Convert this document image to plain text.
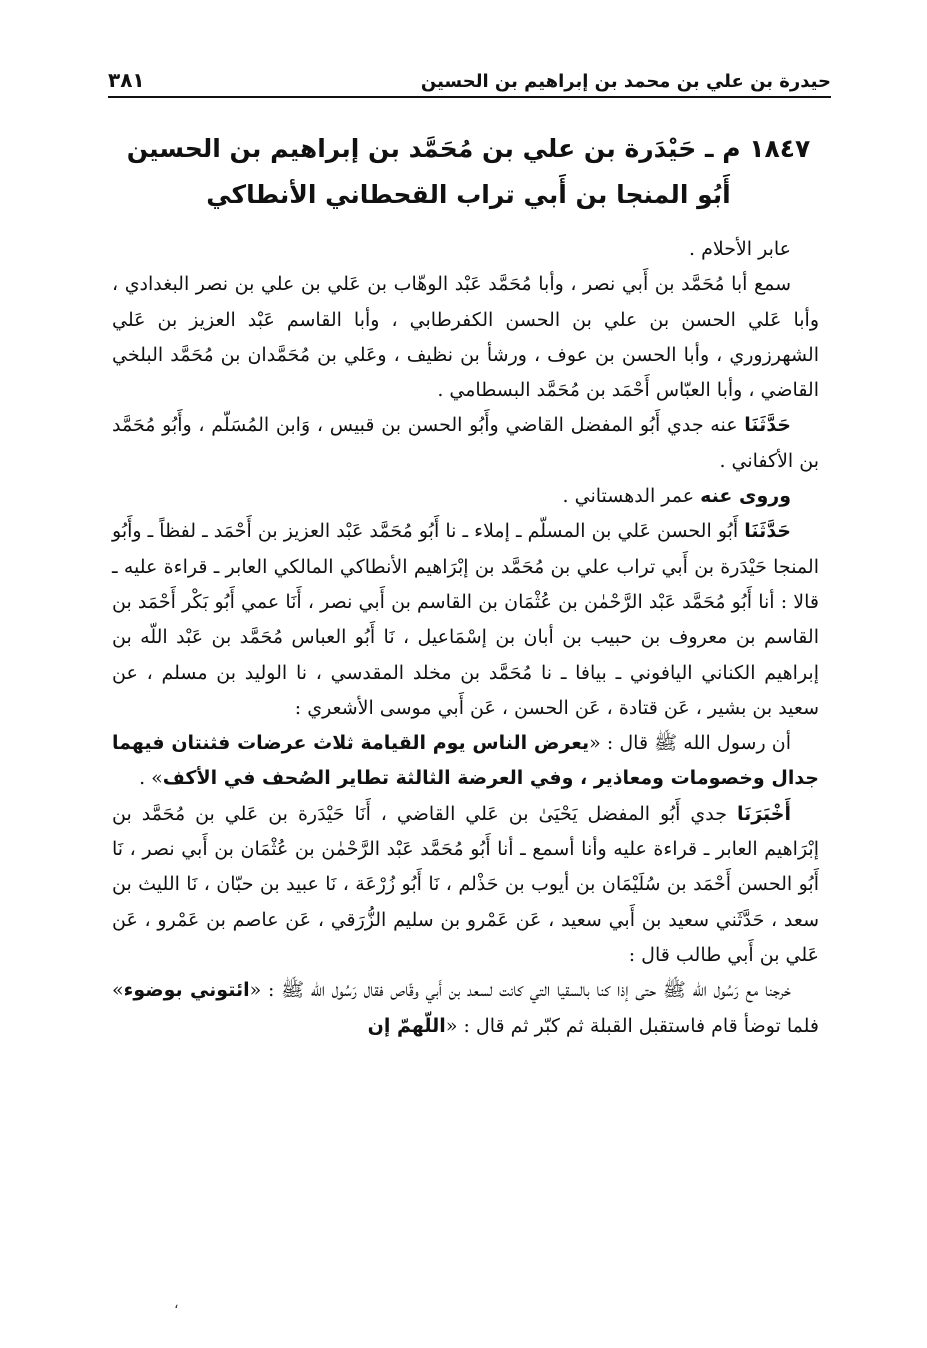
حيدرة بن علي بن محمد بن إبراهيم بن الحسين
٣٨١
١٨٤٧ م ـ حَيْدَرة بن علي بن مُحَمَّد بن إبراهيم بن الحسين
أَبُو المنجا بن أَبي تراب القحطاني الأنطاكي

عابر الأحلام .

سمع أبا مُحَمَّد بن أَبي نصر ، وأبا مُحَمَّد عَبْد الوهّاب بن عَلي بن علي بن نصر البغدادي ، وأبا عَلي الحسن بن علي بن الحسن الكفرطابي ، وأبا القاسم عَبْد العزيز بن عَلي الشهرزوري ، وأبا الحسن بن عوف ، ورشأ بن نظيف ، وعَلي بن مُحَمَّدان بن مُحَمَّد البلخي القاضي ، وأبا العبّاس أَحْمَد بن مُحَمَّد البسطامي .

حَدَّثَنَا عنه جدي أَبُو المفضل القاضي وأَبُو الحسن بن قبيس ، وَابن المُسَلّم ، وأَبُو مُحَمَّد بن الأكفاني .

وروى عنه عمر الدهستاني .

حَدَّثَنَا أَبُو الحسن عَلي بن المسلّم ـ إملاء ـ نا أَبُو مُحَمَّد عَبْد العزيز بن أَحْمَد ـ لفظاً ـ وأَبُو المنجا حَيْدَرة بن أَبي تراب علي بن مُحَمَّد بن إبْرَاهيم الأنطاكي المالكي العابر ـ قراءة عليه ـ قالا : أنا أَبُو مُحَمَّد عَبْد الرَّحْمٰن بن عُثْمَان بن القاسم بن أَبي نصر ، أَنَا عمي أَبُو بَكْر أَحْمَد بن القاسم بن معروف بن حبيب بن أبان بن إسْمَاعيل ، نَا أَبُو العباس مُحَمَّد بن عَبْد اللّه بن إبراهيم الكناني اليافوني ـ بيافا ـ نا مُحَمَّد بن مخلد المقدسي ، نا الوليد بن مسلم ، عن سعيد بن بشير ، عَن قتادة ، عَن الحسن ، عَن أَبي موسى الأشعري :

أن رسول الله ﷺ قال : «يعرض الناس يوم القيامة ثلاث عرضات فثنتان فيهما جدال وخصومات ومعاذير ، وفي العرضة الثالثة تطاير الصُحف في الأكف» .

أَخْبَرَنَا جدي أَبُو المفضل يَحْيَىٰ بن عَلي القاضي ، أَنَا حَيْدَرة بن عَلي بن مُحَمَّد بن إبْرَاهيم العابر ـ قراءة عليه وأنا أسمع ـ أنا أَبُو مُحَمَّد عَبْد الرَّحْمٰن بن عُثْمَان بن أَبي نصر ، نَا أَبُو الحسن أَحْمَد بن سُلَيْمَان بن أيوب بن حَذْلم ، نَا أَبُو زُرْعَة ، نَا عبيد بن حبّان ، نَا الليث بن سعد ، حَدَّثَني سعيد بن أَبي سعيد ، عَن عَمْرو بن سليم الزُّرَقي ، عَن عاصم بن عَمْرو ، عَن عَلي بن أَبي طالب قال :

خرجنا مع رَسُول الله ﷺ حتى إذا كنا بالسقيا التي كانت لسعد بن أَبي وقّاص فقال رَسُول الله ﷺ : «ائتوني بوضوء» فلما توضأ قام فاستقبل القبلة ثم كبّر ثم قال : «اللّهمّ إن

،
